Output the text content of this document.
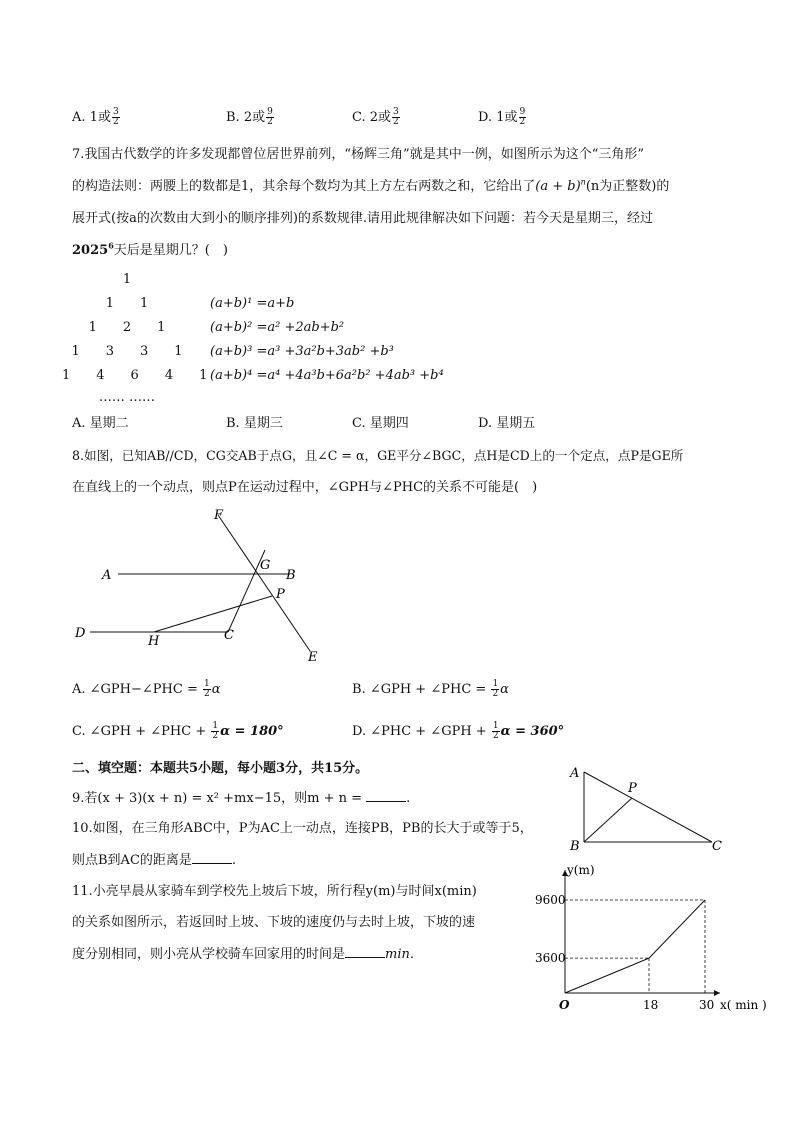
A. 1或 $\frac{3}{2}$	B. 2或 $\frac{9}{2}$	C. 2或 $\frac{3}{2}$	D. 1或 $\frac{9}{2}$
7.我国古代数学的许多发现都曾位居世界前列，“杨辉三角”就是其中一例，如图所示为这个“三角形”
的构造法则：两腰上的数都是1，其余每个数均为其上方左右两数之和，它给出了$(a + b)^n(n$为正整数)的
展开式(按a的次数由大到小的顺序排列)的系数规律.请用此规律解决如下问题：若今天是星期三，经过
2025$^6$天后是星期几？(　)
1
1　　1
1　　2　　1
1　　3　　3　　1
1　　4　　6　　4　　1
…… ……
(a+b)¹ =a+b
(a+b)² =a² +2ab+b²
(a+b)³ =a³ +3a²b+3ab² +b³
(a+b)⁴ =a⁴ +4a³b+6a²b² +4ab³ +b⁴
A. 星期二	B. 星期三	C. 星期四	D. 星期五
8.如图，已知AB//CD，CG交AB于点G，且∠C = α，GE平分∠BGC，点H是CD上的一个定点，点P是GE所
在直线上的一个动点，则点P在运动过程中，∠GPH与∠PHC的关系不可能是(　)
F
A
G
B
P
D
H	C
E
A. ∠GPH−∠PHC = $\frac{1}{2}$ α	B. ∠GPH + ∠PHC = $\frac{1}{2}$ α
C. ∠GPH + ∠PHC + $\frac{1}{2}$ α = 180°	D. ∠PHC + ∠GPH + $\frac{1}{2}$ α = 360°
二、填空题：本题共5小题，每小题3分，共15分。
9.若(x + 3)(x + n) = x² +mx−15，则m + n =	.
10.如图，在三角形ABC中，P为AC上一动点，连接PB，PB的长大于或等于5，
则点B到AC的距离是	.
A
P
B	C
11.小亮早晨从家骑车到学校先上坡后下坡，所行程y(m)与时间x(min)
的关系如图所示，若返回时上坡、下坡的速度仍与去时上坡，下坡的速
度分别相同，则小亮从学校骑车回家用的时间是	min.
18	30
3600
9600
O	x( min )
y(m)
